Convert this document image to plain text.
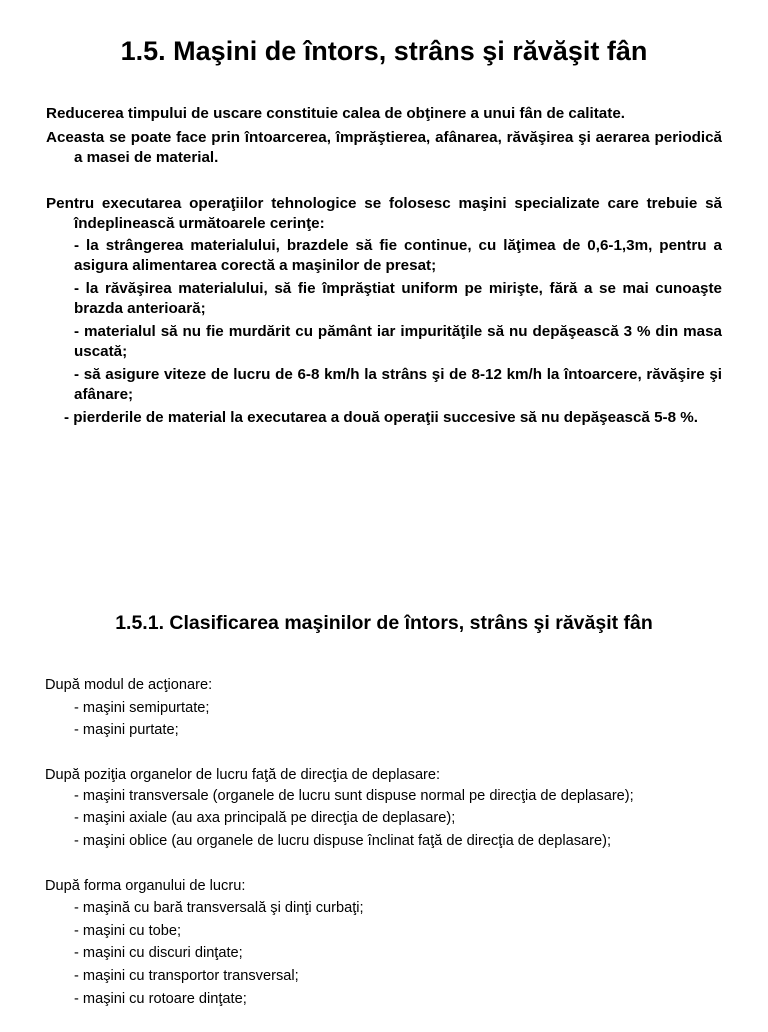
1.5. Maşini de întors, strâns şi răvăşit fân

Reducerea timpului de uscare constituie calea de obţinere a unui fân de calitate.

Aceasta se poate face prin întoarcerea, împrăştierea, afânarea, răvăşirea şi aerarea periodică a masei de material.

Pentru executarea operaţiilor tehnologice se folosesc maşini specializate care trebuie să îndeplinească următoarele cerinţe:

- la strângerea materialului, brazdele să fie continue, cu lăţimea de 0,6-1,3m, pentru a asigura alimentarea corectă a maşinilor de presat;
- la răvăşirea materialului, să fie împrăştiat uniform pe mirişte, fără a se mai cunoaşte brazda anterioară;
- materialul să nu fie murdărit cu pământ iar impurităţile să nu depăşească 3 % din masa uscată;
- să asigure viteze de lucru de 6-8 km/h la strâns şi de 8-12 km/h la întoarcere, răvăşire şi afânare;
- pierderile de material la executarea a două operaţii succesive să nu depăşească 5-8 %.
1.5.1. Clasificarea maşinilor de întors, strâns şi răvăşit fân

După modul de acţionare:

- maşini semipurtate;
- maşini purtate;

După poziţia organelor de lucru faţă de direcţia de deplasare:

- maşini transversale (organele de lucru sunt dispuse normal pe direcţia de deplasare);
- maşini axiale (au axa principală pe direcţia de deplasare);
- maşini oblice (au organele de lucru dispuse înclinat faţă de direcţia de deplasare);

După forma organului de lucru:

- maşină cu bară transversală şi dinţi curbaţi;
- maşini cu tobe;
- maşini cu discuri dinţate;
- maşini cu transportor transversal;
- maşini cu rotoare dinţate;
